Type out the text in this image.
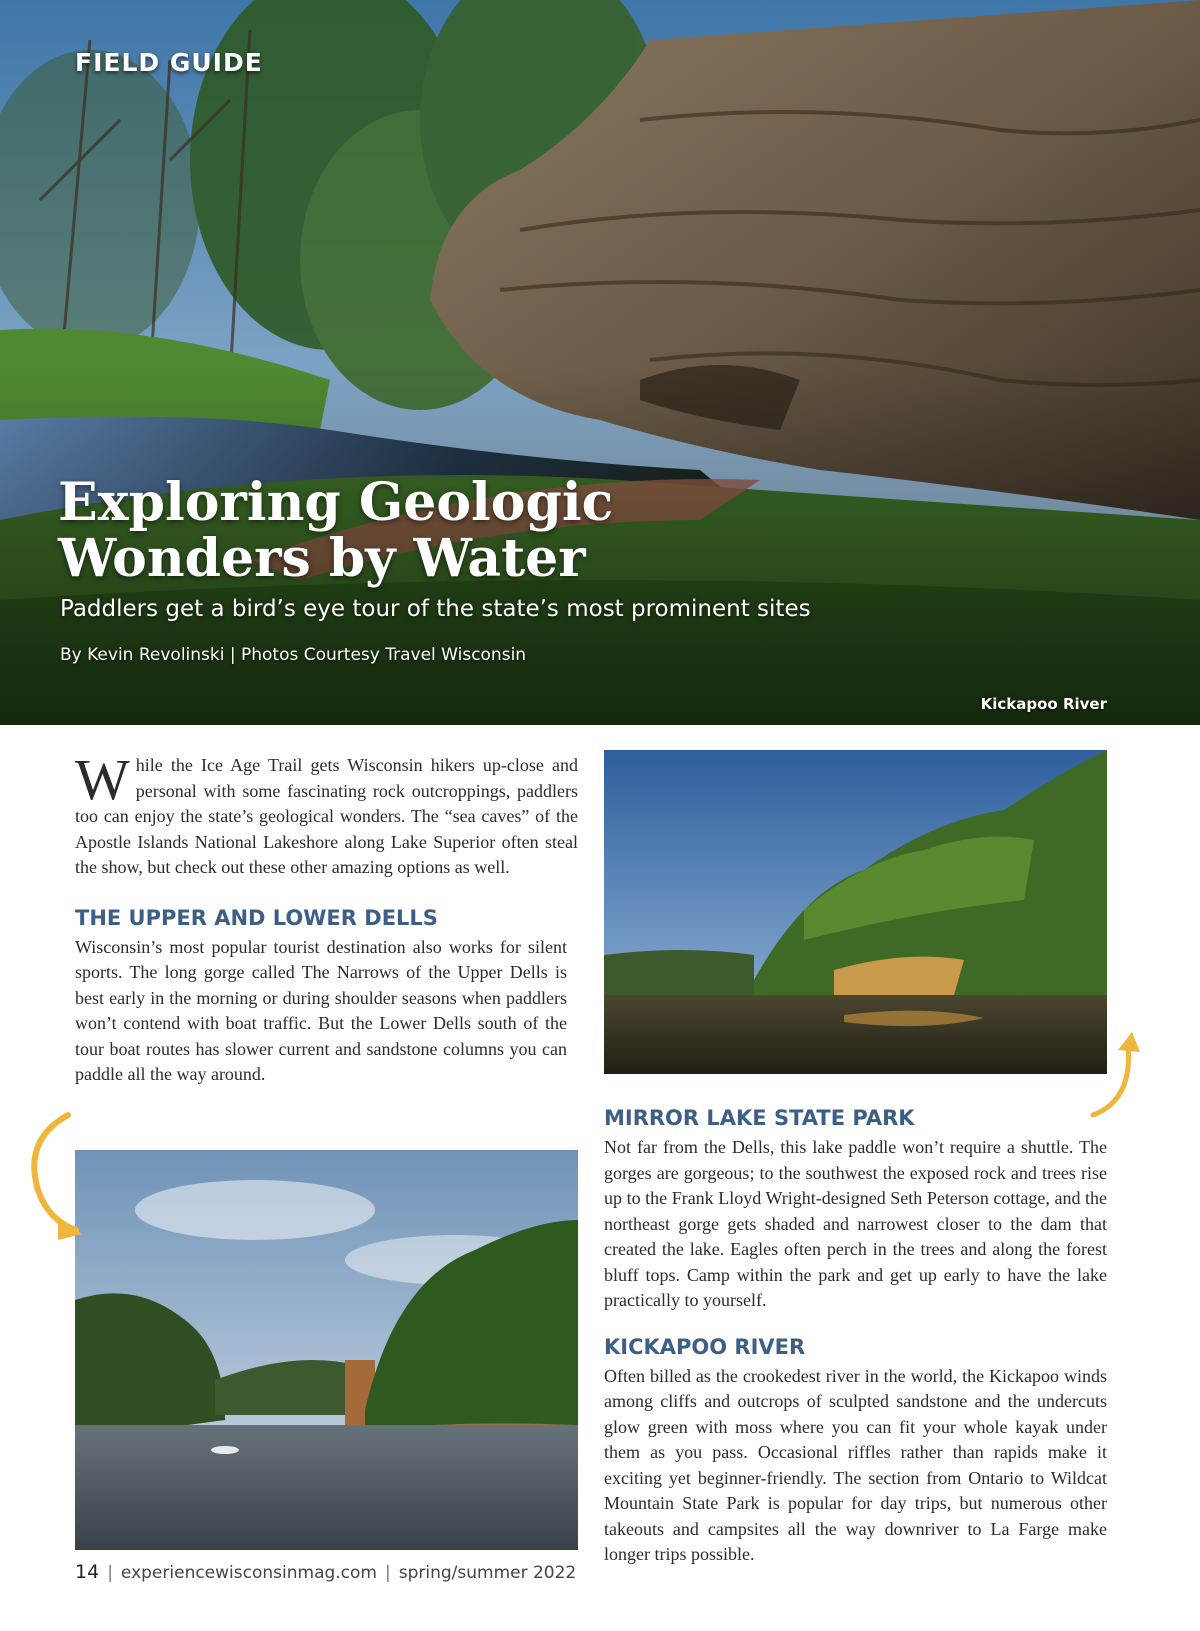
FIELD GUIDE
Exploring Geologic Wonders by Water
Paddlers get a bird’s eye tour of the state’s most prominent sites
By Kevin Revolinski | Photos Courtesy Travel Wisconsin
Kickapoo River

While the Ice Age Trail gets Wisconsin hikers up-close and personal with some fascinating rock outcroppings, paddlers too can enjoy the state’s geological wonders. The “sea caves” of the Apostle Islands National Lakeshore along Lake Superior often steal the show, but check out these other amazing options as well.

THE UPPER AND LOWER DELLS

Wisconsin’s most popular tourist destination also works for silent sports. The long gorge called The Narrows of the Upper Dells is best early in the morning or during shoulder seasons when paddlers won’t contend with boat traffic. But the Lower Dells south of the tour boat routes has slower current and sandstone columns you can paddle all the way around.

MIRROR LAKE STATE PARK

Not far from the Dells, this lake paddle won’t require a shuttle. The gorges are gorgeous; to the southwest the exposed rock and trees rise up to the Frank Lloyd Wright-designed Seth Peterson cottage, and the northeast gorge gets shaded and narrowest closer to the dam that created the lake. Eagles often perch in the trees and along the forest bluff tops. Camp within the park and get up early to have the lake practically to yourself.

KICKAPOO RIVER

Often billed as the crookedest river in the world, the Kickapoo winds among cliffs and outcrops of sculpted sandstone and the undercuts glow green with moss where you can fit your whole kayak under them as you pass. Occasional riffles rather than rapids make it exciting yet beginner-friendly. The section from Ontario to Wildcat Mountain State Park is popular for day trips, but numerous other takeouts and campsites all the way downriver to La Farge make longer trips possible.

14 | experiencewisconsinmag.com | spring/summer 2022
